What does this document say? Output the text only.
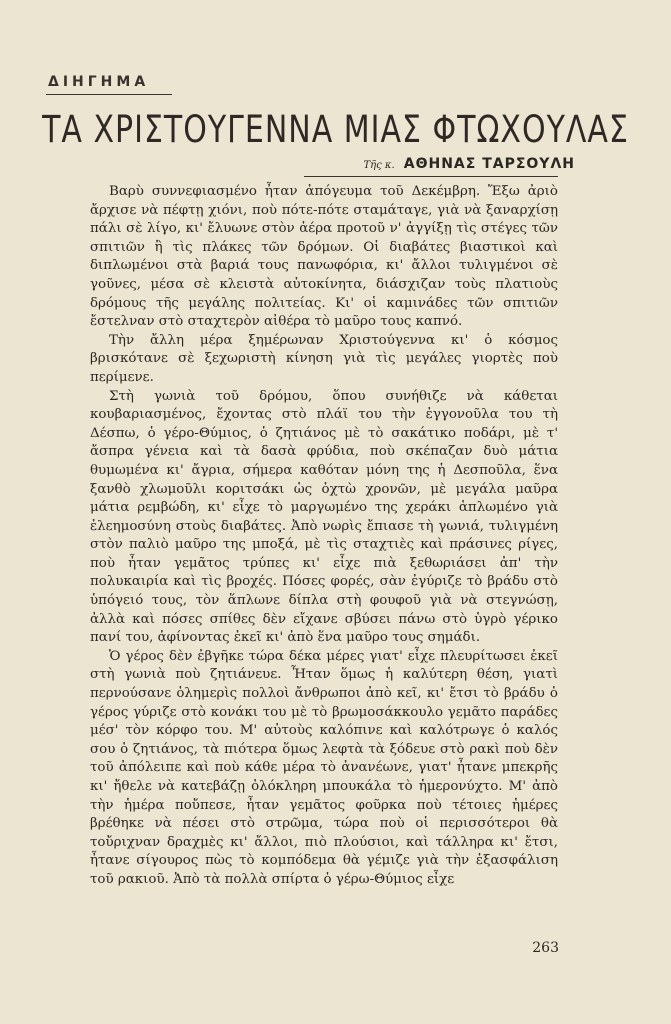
ΔΙΗΓΗΜΑ
ΤΑ ΧΡΙΣΤΟΥΓΕΝΝΑ ΜΙΑΣ ΦΤΩΧΟΥΛΑΣ
Τῆς κ. ΑΘΗΝΑΣ ΤΑΡΣΟΥΛΗ

Βαρὺ συννεφιασμένο ἦταν ἀπόγευμα τοῦ Δεκέμβρη. Ἔξω ἀριὸ ἄρχισε νὰ πέφτῃ χιόνι, ποὺ πότε-πότε σταμάταγε, γιὰ νὰ ξαναρχίσῃ πάλι σὲ λίγο, κι' ἔλυωνε στὸν ἀέρα προτοῦ ν' ἀγγίξῃ τὶς στέγες τῶν σπιτιῶν ἢ τὶς πλάκες τῶν δρόμων. Οἱ διαβάτες βιαστικοὶ καὶ διπλωμένοι στὰ βαριά τους πανωφόρια, κι' ἄλλοι τυλιγμένοι σὲ γοῦνες, μέσα σὲ κλειστὰ αὐτοκίνητα, διάσχιζαν τοὺς πλατιοὺς δρόμους τῆς μεγάλης πολιτείας. Κι' οἱ καμινάδες τῶν σπιτιῶν ἔστελναν στὸ σταχτερὸν αἰθέρα τὸ μαῦρο τους καπνό.

Τὴν ἄλλη μέρα ξημέρωναν Χριστούγεννα κι' ὁ κόσμος βρισκότανε σὲ ξεχωριστὴ κίνηση γιὰ τὶς μεγάλες γιορτὲς ποὺ περίμενε.

Στὴ γωνιὰ τοῦ δρόμου, ὅπου συνήθιζε νὰ κάθεται κουβαριασμένος, ἔχοντας στὸ πλάϊ του τὴν ἐγγονοῦλα του τὴ Δέσπω, ὁ γέρο-Θύμιος, ὁ ζητιάνος μὲ τὸ σακάτικο ποδάρι, μὲ τ' ἄσπρα γένεια καὶ τὰ δασὰ φρύδια, ποὺ σκέπαζαν δυὸ μάτια θυμωμένα κι' ἄγρια, σήμερα καθόταν μόνη της ἡ Δεσποῦλα, ἕνα ξανθὸ χλωμοῦλι κοριτσάκι ὡς ὀχτὼ χρονῶν, μὲ μεγάλα μαῦρα μάτια ρεμβώδη, κι' εἶχε τὸ μαργωμένο της χεράκι ἁπλωμένο γιὰ ἐλεημοσύνη στοὺς διαβάτες. Ἀπὸ νωρὶς ἔπιασε τὴ γωνιά, τυλιγμένη στὸν παλιὸ μαῦρο της μποξά, μὲ τὶς σταχτιὲς καὶ πράσινες ρίγες, ποὺ ἦταν γεμᾶτος τρύπες κι' εἶχε πιὰ ξεθωριάσει ἀπ' τὴν πολυκαιρία καὶ τὶς βροχές. Πόσες φορές, σὰν ἐγύριζε τὸ βράδυ στὸ ὑπόγειό τους, τὸν ἅπλωνε δίπλα στὴ φουφοῦ γιὰ νὰ στεγνώσῃ, ἀλλὰ καὶ πόσες σπίθες δὲν εἴχανε σβύσει πάνω στὸ ὑγρὸ γέρικο πανί του, ἀφίνοντας ἐκεῖ κι' ἀπὸ ἕνα μαῦρο τους σημάδι.

Ὁ γέρος δὲν ἐβγῆκε τώρα δέκα μέρες γιατ' εἶχε πλευρίτωσει ἐκεῖ στὴ γωνιὰ ποὺ ζητιάνευε. Ἦταν ὅμως ἡ καλύτερη θέση, γιατὶ περνούσανε ὁλημερὶς πολλοὶ ἄνθρωποι ἀπὸ κεῖ, κι' ἔτσι τὸ βράδυ ὁ γέρος γύριζε στὸ κονάκι του μὲ τὸ βρωμοσάκκουλο γεμᾶτο παράδες μέσ' τὸν κόρφο του. Μ' αὐτοὺς καλόπινε καὶ καλότρωγε ὁ καλός σου ὁ ζητιάνος, τὰ πιότερα ὅμως λεφτὰ τὰ ξόδευε στὸ ρακὶ ποὺ δὲν τοῦ ἀπόλειπε καὶ ποὺ κάθε μέρα τὸ ἀνανέωνε, γιατ' ἦτανε μπεκρῆς κι' ἤθελε νὰ κατεβάζῃ ὁλόκληρη μπουκάλα τὸ ἡμερονύχτο. Μ' ἀπὸ τὴν ἡμέρα ποὔπεσε, ἦταν γεμᾶτος φοῦρκα ποὺ τέτοιες ἡμέρες βρέθηκε νὰ πέσει στὸ στρῶμα, τώρα ποὺ οἱ περισσότεροι θὰ τοὔριχναν δραχμὲς κι' ἄλλοι, πιὸ πλούσιοι, καὶ τάλληρα κι' ἔτσι, ἦτανε σίγουρος πὼς τὸ κομπόδεμα θὰ γέμιζε γιὰ τὴν ἐξασφάλιση τοῦ ρακιοῦ. Ἀπὸ τὰ πολλὰ σπίρτα ὁ γέρω-Θύμιος εἶχε

263
